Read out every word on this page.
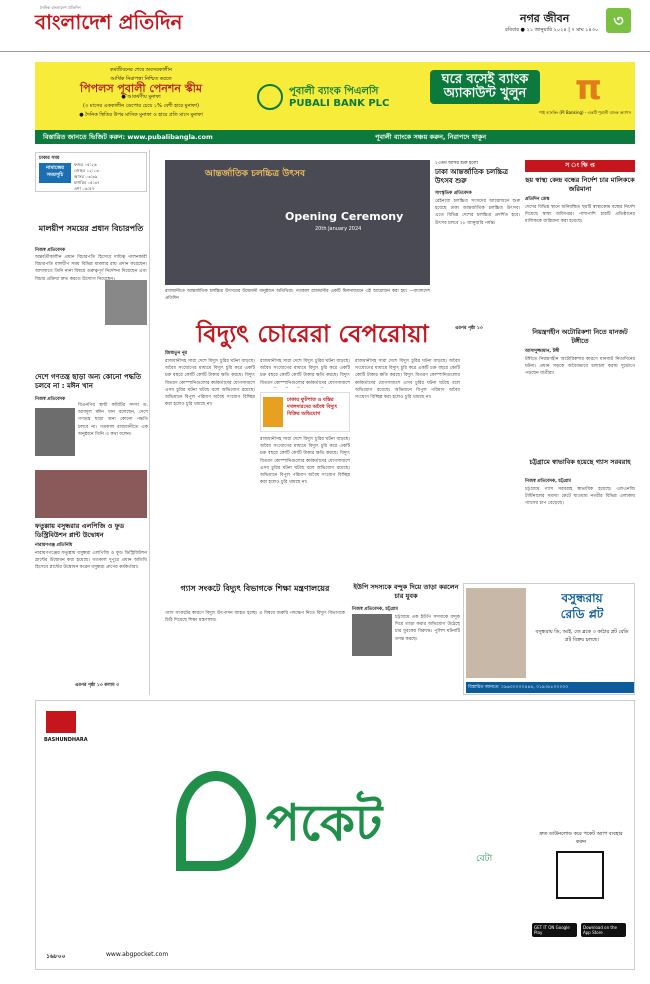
দৈনিক বাংলাদেশ প্রতিদিন
বাংলাদেশ প্রতিদিন	নগর জীবন
রবিবার ● ২১ জানুয়ারি ২০২৪ | ৭ মাঘ ১৪৩০ ৩
কর্মজীবনের শেষে অবসরকালীন
আর্থিক নিরাপত্তা নিশ্চিত করতে
পিপলস পূবালী পেনশন স্কীম
● আকর্ষণীয় মুনাফা
(৩ মাসের এককালীন ডেপোর চেয়ে ১% বেশী হারে মুনাফা)
● দৈনিক স্থিতির উপর মাসিক মুনাফা ও হারে প্রতি মাসে মুনাফা
পূবালী ব্যাংক পিএলসি
PUBALI BANK PLC
ঘরে বসেই ব্যাংক অ্যাকাউন্ট খুলুন	π
পাই ব্যাংকিং (PI Banking) - একটি পূবালী ব্যাংক অ্যাপস
বিস্তারিত জানতে ভিজিট করুন: www.pubalibangla.com	পূবালী ব্যাংকে সঞ্চয় করুন, নিরাপদে থাকুন
ঢাকার সময়
নামাজের সময়সূচি
ফজর ০৫:২৬
জোহর ১২:১৩
আসর ০৩:৩৯
মাগরিব ০৫:৩৭
এশা ০৬:৫৭
মালয়ীপ সময়ের প্রধান বিচারপতি
নিজস্ব প্রতিবেদক
অন্তর্বর্তীকালীন প্রধান বিচারপতি হিসেবে দায়িত্ব পালনকারী বিচারপতি মালয়ীপ সময় বিভিন্ন মামলার রায় প্রদান করেছেন। আদালতে তিনি নানা বিষয়ে গুরুত্বপূর্ণ নির্দেশনা দিয়েছেন এবং বিচার প্রক্রিয়া দ্রুত করতে উদ্যোগ নিয়েছেন।
দেশে গণতন্ত্র ছাড়া অন্য কোনো পদ্ধতি চলবে না : মঈন খান
নিজস্ব প্রতিবেদক
বিএনপির স্থায়ী কমিটির সদস্য ড. আবদুল মঈন খান বলেছেন, দেশে গণতন্ত্র ছাড়া অন্য কোনো পদ্ধতি চলবে না। গতকাল রাজধানীতে এক অনুষ্ঠানে তিনি এ কথা বলেন।
ফতুল্লায় বসুন্ধরার এলপিজি ও ফুড ডিস্ট্রিবিউশন প্লান্ট উদ্বোধন
নারায়ণগঞ্জ প্রতিনিধি
নারায়ণগঞ্জের ফতুল্লায় বসুন্ধরা এলপিজি ও ফুড ডিস্ট্রিবিউশন প্লান্টের উদ্বোধন করা হয়েছে। গতকাল দুপুরে প্রধান অতিথি হিসেবে প্লান্টের উদ্বোধন করেন বসুন্ধরা গ্রুপের কর্মকর্তারা।
এরপর পৃষ্ঠা ১৩ কলাম ৩
আন্তর্জাতিক চলচ্চিত্র উৎসব
Opening Ceremony
20th January 2024
রাজধানীতে আন্তর্জাতিক চলচ্চিত্র উৎসবের উদ্বোধনী অনুষ্ঠানে অতিথিরা। গতকাল রাজধানীর একটি মিলনায়তনে এই আয়োজন করা হয়। —বাংলাদেশ প্রতিদিন
বিদ্যুৎ চোরেরা বেপরোয়া
জিন্নাতুন নূর
রাজধানীসহ সারা দেশে বিদ্যুৎ চুরির ঘটনা বাড়ছে। অবৈধ সংযোগের মাধ্যমে বিদ্যুৎ চুরি করে একটি চক্র বছরে কোটি কোটি টাকার ক্ষতি করছে। বিদ্যুৎ বিতরণ কোম্পানিগুলোর কর্মকর্তাদের যোগসাজশে এসব চুরির ঘটনা ঘটছে বলে অভিযোগ রয়েছে। অভিযানে বিপুল পরিমাণ অবৈধ সংযোগ বিচ্ছিন্ন করা হলেও চুরি থামছে না।
রাজধানীসহ সারা দেশে বিদ্যুৎ চুরির ঘটনা বাড়ছে। অবৈধ সংযোগের মাধ্যমে বিদ্যুৎ চুরি করে একটি চক্র বছরে কোটি কোটি টাকার ক্ষতি করছে। বিদ্যুৎ বিতরণ কোম্পানিগুলোর কর্মকর্তাদের যোগসাজশে
ঢাকায় ফুটপাত ও বস্তির দখলদারদের অবৈধ বিদ্যুৎ বিক্রির অভিযোগ
রাজধানীসহ সারা দেশে বিদ্যুৎ চুরির ঘটনা বাড়ছে। অবৈধ সংযোগের মাধ্যমে বিদ্যুৎ চুরি করে একটি চক্র বছরে কোটি কোটি টাকার ক্ষতি করছে। বিদ্যুৎ বিতরণ কোম্পানিগুলোর কর্মকর্তাদের যোগসাজশে এসব চুরির ঘটনা ঘটছে বলে অভিযোগ রয়েছে। অভিযানে বিপুল পরিমাণ অবৈধ সংযোগ বিচ্ছিন্ন করা হলেও চুরি থামছে না।
রাজধানীসহ সারা দেশে বিদ্যুৎ চুরির ঘটনা বাড়ছে। অবৈধ সংযোগের মাধ্যমে বিদ্যুৎ চুরি করে একটি চক্র বছরে কোটি কোটি টাকার ক্ষতি করছে। বিদ্যুৎ বিতরণ কোম্পানিগুলোর কর্মকর্তাদের যোগসাজশে এসব চুরির ঘটনা ঘটছে বলে অভিযোগ রয়েছে। অভিযানে বিপুল পরিমাণ অবৈধ সংযোগ বিচ্ছিন্ন করা হলেও চুরি থামছে না।
গ্যাস সংকটে বিদ্যুৎ বিভাগকে শিক্ষা মন্ত্রণালয়ের
গ্যাস সংকটের কারণে বিদ্যুৎ উৎপাদন ব্যাহত হচ্ছে। এ বিষয়ে জরুরি পদক্ষেপ নিতে বিদ্যুৎ বিভাগকে চিঠি দিয়েছে শিক্ষা মন্ত্রণালয়।
ইউপি সদস্যকে বন্দুক দিয়ে তাড়া করলেন চার যুবক
নিজস্ব প্রতিবেদক, চট্টগ্রাম
চট্টগ্রামে এক ইউপি সদস্যকে বন্দুক দিয়ে তাড়া করার অভিযোগ উঠেছে চার যুবকের বিরুদ্ধে। পুলিশ ঘটনাটি তদন্ত করছে।
২৩তম আসর শুরু হলো
ঢাকা আন্তর্জাতিক চলচ্চিত্র উৎসব শুরু
সাংস্কৃতিক প্রতিবেদক
রেইনবো চলচ্চিত্র সংসদের আয়োজনে শুরু হয়েছে ঢাকা আন্তর্জাতিক চলচ্চিত্র উৎসব। এতে বিভিন্ন দেশের চলচ্চিত্র প্রদর্শিত হবে। উৎসব চলবে ২৮ জানুয়ারি পর্যন্ত।
এরপর পৃষ্ঠা ১৩
স ং ক্ষি প্ত
ছয় স্বাস্থ্য কেন্দ্র বন্ধের নির্দেশ চার মালিককে জরিমানা
প্রতিদিন ডেস্ক
দেশের বিভিন্ন স্থানে অনিবন্ধিত ছয়টি স্বাস্থ্যকেন্দ্র বন্ধের নির্দেশ দিয়েছে স্বাস্থ্য অধিদপ্তর। পাশাপাশি চারটি প্রতিষ্ঠানের মালিককে জরিমানা করা হয়েছে।
নিয়ন্ত্রণহীন অটোরিকশা নিতে যানজট টঙ্গীতে
আসাদুজ্জামান, টঙ্গী
টঙ্গীতে নিয়ন্ত্রণহীন অটোরিকশার কারণে যানজট নিত্যদিনের ঘটনা। প্রধান সড়কে অবৈধভাবে চলাচল করায় দুর্ভোগে পড়ছেন যাত্রীরা।
চট্টগ্রামে স্বাভাবিক হয়েছে গ্যাস সরবরাহ
নিজস্ব প্রতিবেদক, চট্টগ্রাম
চট্টগ্রামে গ্যাস সরবরাহ স্বাভাবিক হয়েছে। এলএনজি টার্মিনালের সমস্যা কেটে যাওয়ায় নগরীর বিভিন্ন এলাকায় গ্যাসের চাপ বেড়েছে।
বসুন্ধরায়
রেডি প্লট
বসুন্ধরায় ডি, আই, জে ব্লকে ৩ কাঠার প্লট রেডি প্লট বিক্রয় চলছে।
বিস্তারিত জানতে: ০৯৬০০০০০৪৪৪, ০১৯৩৮৮০০০০০
BASHUNDHARA
পকেট
বেটা
দ্রুত ডাউনলোড করে পকেট অ্যাপ ব্যবহার করুন
GET IT ON Google Play
Download on the App Store
১৬৮০০	www.abgpocket.com
